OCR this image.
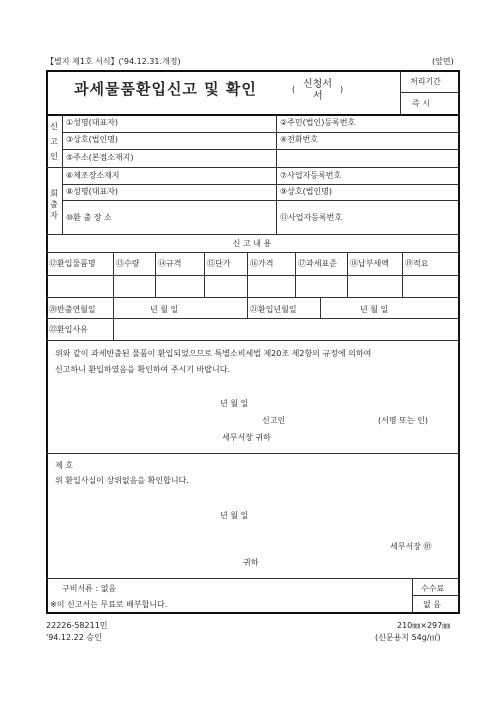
【별지 제1호 서식】('94.12.31.개정)	(앞면)
과세물품환입신고 및 확인	( 신청서
서
)
처리기간
즉 시
신
고
인
①성명(대표자)	②주민(법인)등록번호
③상호(법인명)	④전화번호
⑤주소(본점소재지)
⑥제조장소재지	⑦사업자등록번호
회
출
자
⑧성명(대표자)	⑨상호(법인명)
⑩환 출 장 소	⑪사업자등록번호
신 고 내 용
⑫환입물품명	⑬수량 ⑭규격	⑮단가 ⑯가격	⑰과세표준 ⑱납부세액 ⑲적요
⑳반출연월일	년 월 일	㉑환입년월일	년 월 일
㉒환입사유
위와 같이 과세반출된 물품이 환입되었으므로 특별소비세법 제20조 제2항의 규정에 의하여
신고하니 환입하였음을 확인하여 주시기 바랍니다.
년 월 일
신고인	(서명 또는 인)
세무서장 귀하
제 호
위 환입사실이 상위없음을 확인합니다.
년 월 일
세무서장 ㊞
귀하
구비서류 : 없음
※이 신고서는 무료로 배부합니다.
수수료
없 음
22226-58211민
'94.12.22 승인
210㎜×297㎜
(신문용지 54g/㎡)
